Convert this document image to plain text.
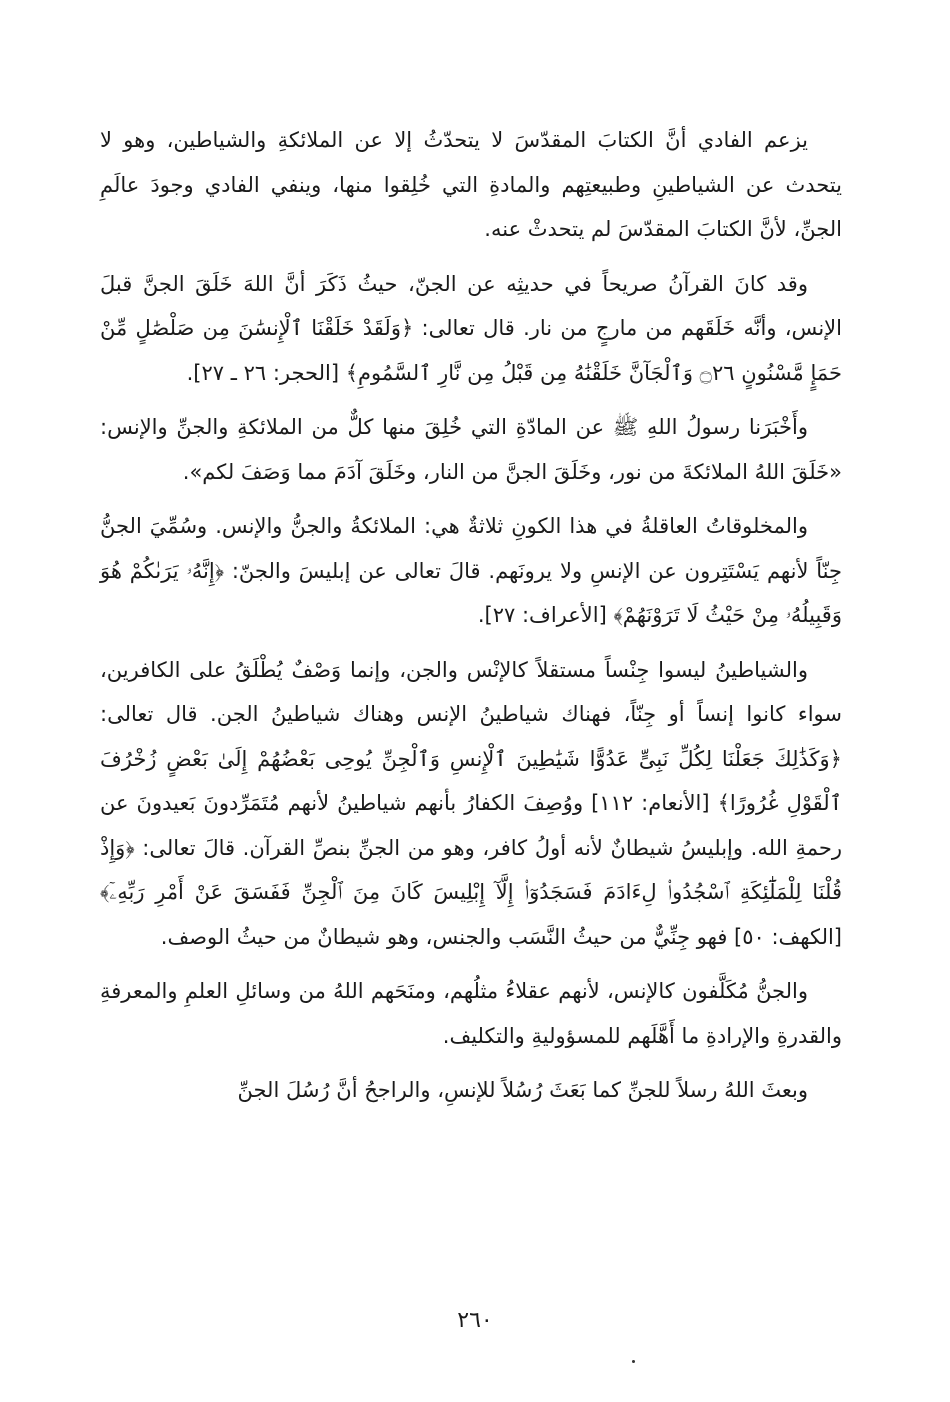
يزعم الفادي أنَّ الكتابَ المقدّسَ لا يتحدّثُ إلا عن الملائكةِ والشياطين، وهو لا يتحدث عن الشياطينِ وطبيعتِهم والمادةِ التي خُلِقوا منها، وينفي الفادي وجودَ عالَمِ الجنِّ، لأنَّ الكتابَ المقدّسَ لم يتحدثْ عنه.

وقد كانَ القرآنُ صريحاً في حديثِه عن الجنّ، حيثُ ذَكَرَ أنَّ اللهَ خَلَقَ الجنَّ قبلَ الإنس، وأنَّه خَلَقَهم من مارجٍ من نار. قال تعالى: ﴿وَلَقَدْ خَلَقْنَا ٱلْإِنسَٰنَ مِن صَلْصَٰلٍ مِّنْ حَمَإٍ مَّسْنُونٍ ۝٢٦ وَٱلْجَآنَّ خَلَقْنَٰهُ مِن قَبْلُ مِن نَّارِ ٱلسَّمُومِ﴾ [الحجر: ٢٦ ـ ٢٧].

وأَخْبَرَنا رسولُ اللهِ ﷺ عن المادّةِ التي خُلِقَ منها كلٌّ من الملائكةِ والجنِّ والإنس: «خَلَقَ اللهُ الملائكةَ من نور، وخَلَقَ الجنَّ من النار، وخَلَقَ آدَمَ مما وَصَفَ لكم».

والمخلوقاتُ العاقلةُ في هذا الكونِ ثلاثةٌ هي: الملائكةُ والجنُّ والإنس. وسُمِّيَ الجنُّ جِنّاً لأنهم يَسْتَتِرون عن الإنسِ ولا يرونَهم. قالَ تعالى عن إبليسَ والجنّ: ﴿إِنَّهُۥ يَرَىٰكُمْ هُوَ وَقَبِيلُهُۥ مِنْ حَيْثُ لَا تَرَوْنَهُمْ﴾ [الأعراف: ٢٧].

والشياطينُ ليسوا جِنْساً مستقلاً كالإنْس والجن، وإنما وَصْفٌ يُطْلَقُ على الكافرين، سواء كانوا إنساً أو جِنّاً، فهناك شياطينُ الإنس وهناك شياطينُ الجن. قال تعالى: ﴿وَكَذَٰلِكَ جَعَلْنَا لِكُلِّ نَبِىٍّ عَدُوًّا شَيَٰطِينَ ٱلْإِنسِ وَٱلْجِنِّ يُوحِى بَعْضُهُمْ إِلَىٰ بَعْضٍ زُخْرُفَ ٱلْقَوْلِ غُرُورًا﴾ [الأنعام: ١١٢] ووُصِفَ الكفارُ بأنهم شياطينُ لأنهم مُتَمَرِّدونَ بَعيدونَ عن رحمةِ الله. وإبليسُ شيطانٌ لأنه أولُ كافر، وهو من الجنِّ بنصِّ القرآن. قالَ تعالى: ﴿وَإِذْ قُلْنَا لِلْمَلَٰٓئِكَةِ ٱسْجُدُوا۟ لِءَادَمَ فَسَجَدُوٓا۟ إِلَّآ إِبْلِيسَ كَانَ مِنَ ٱلْجِنِّ فَفَسَقَ عَنْ أَمْرِ رَبِّهِۦٓ﴾ [الكهف: ٥٠] فهو جِنِّيٌّ من حيثُ النَّسَب والجنس، وهو شيطانٌ من حيثُ الوصف.

والجنُّ مُكَلَّفون كالإنس، لأنهم عقلاءُ مثلُهم، ومنَحَهم اللهُ من وسائلِ العلمِ والمعرفةِ والقدرةِ والإرادةِ ما أَهَّلَهم للمسؤوليةِ والتكليف.

وبعثَ اللهُ رسلاً للجنِّ كما بَعَثَ رُسُلاً للإنسِ، والراجحُ أنَّ رُسُلَ الجنِّ

٢٦٠
